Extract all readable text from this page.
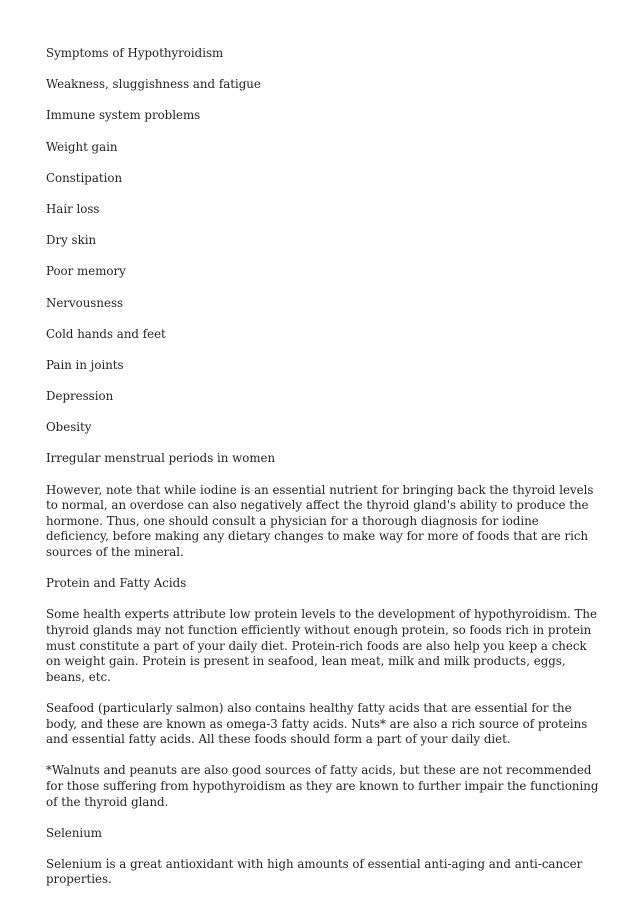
Symptoms of Hypothyroidism

Weakness, sluggishness and fatigue

Immune system problems

Weight gain

Constipation

Hair loss

Dry skin

Poor memory

Nervousness

Cold hands and feet

Pain in joints

Depression

Obesity

Irregular menstrual periods in women

However, note that while iodine is an essential nutrient for bringing back the thyroid levels to normal, an overdose can also negatively affect the thyroid gland's ability to produce the hormone. Thus, one should consult a physician for a thorough diagnosis for iodine deficiency, before making any dietary changes to make way for more of foods that are rich sources of the mineral.

Protein and Fatty Acids

Some health experts attribute low protein levels to the development of hypothyroidism. The thyroid glands may not function efficiently without enough protein, so foods rich in protein must constitute a part of your daily diet. Protein-rich foods are also help you keep a check on weight gain. Protein is present in seafood, lean meat, milk and milk products, eggs, beans, etc.

Seafood (particularly salmon) also contains healthy fatty acids that are essential for the body, and these are known as omega-3 fatty acids. Nuts* are also a rich source of proteins and essential fatty acids. All these foods should form a part of your daily diet.

*Walnuts and peanuts are also good sources of fatty acids, but these are not recommended for those suffering from hypothyroidism as they are known to further impair the functioning of the thyroid gland.

Selenium

Selenium is a great antioxidant with high amounts of essential anti-aging and anti-cancer properties.
